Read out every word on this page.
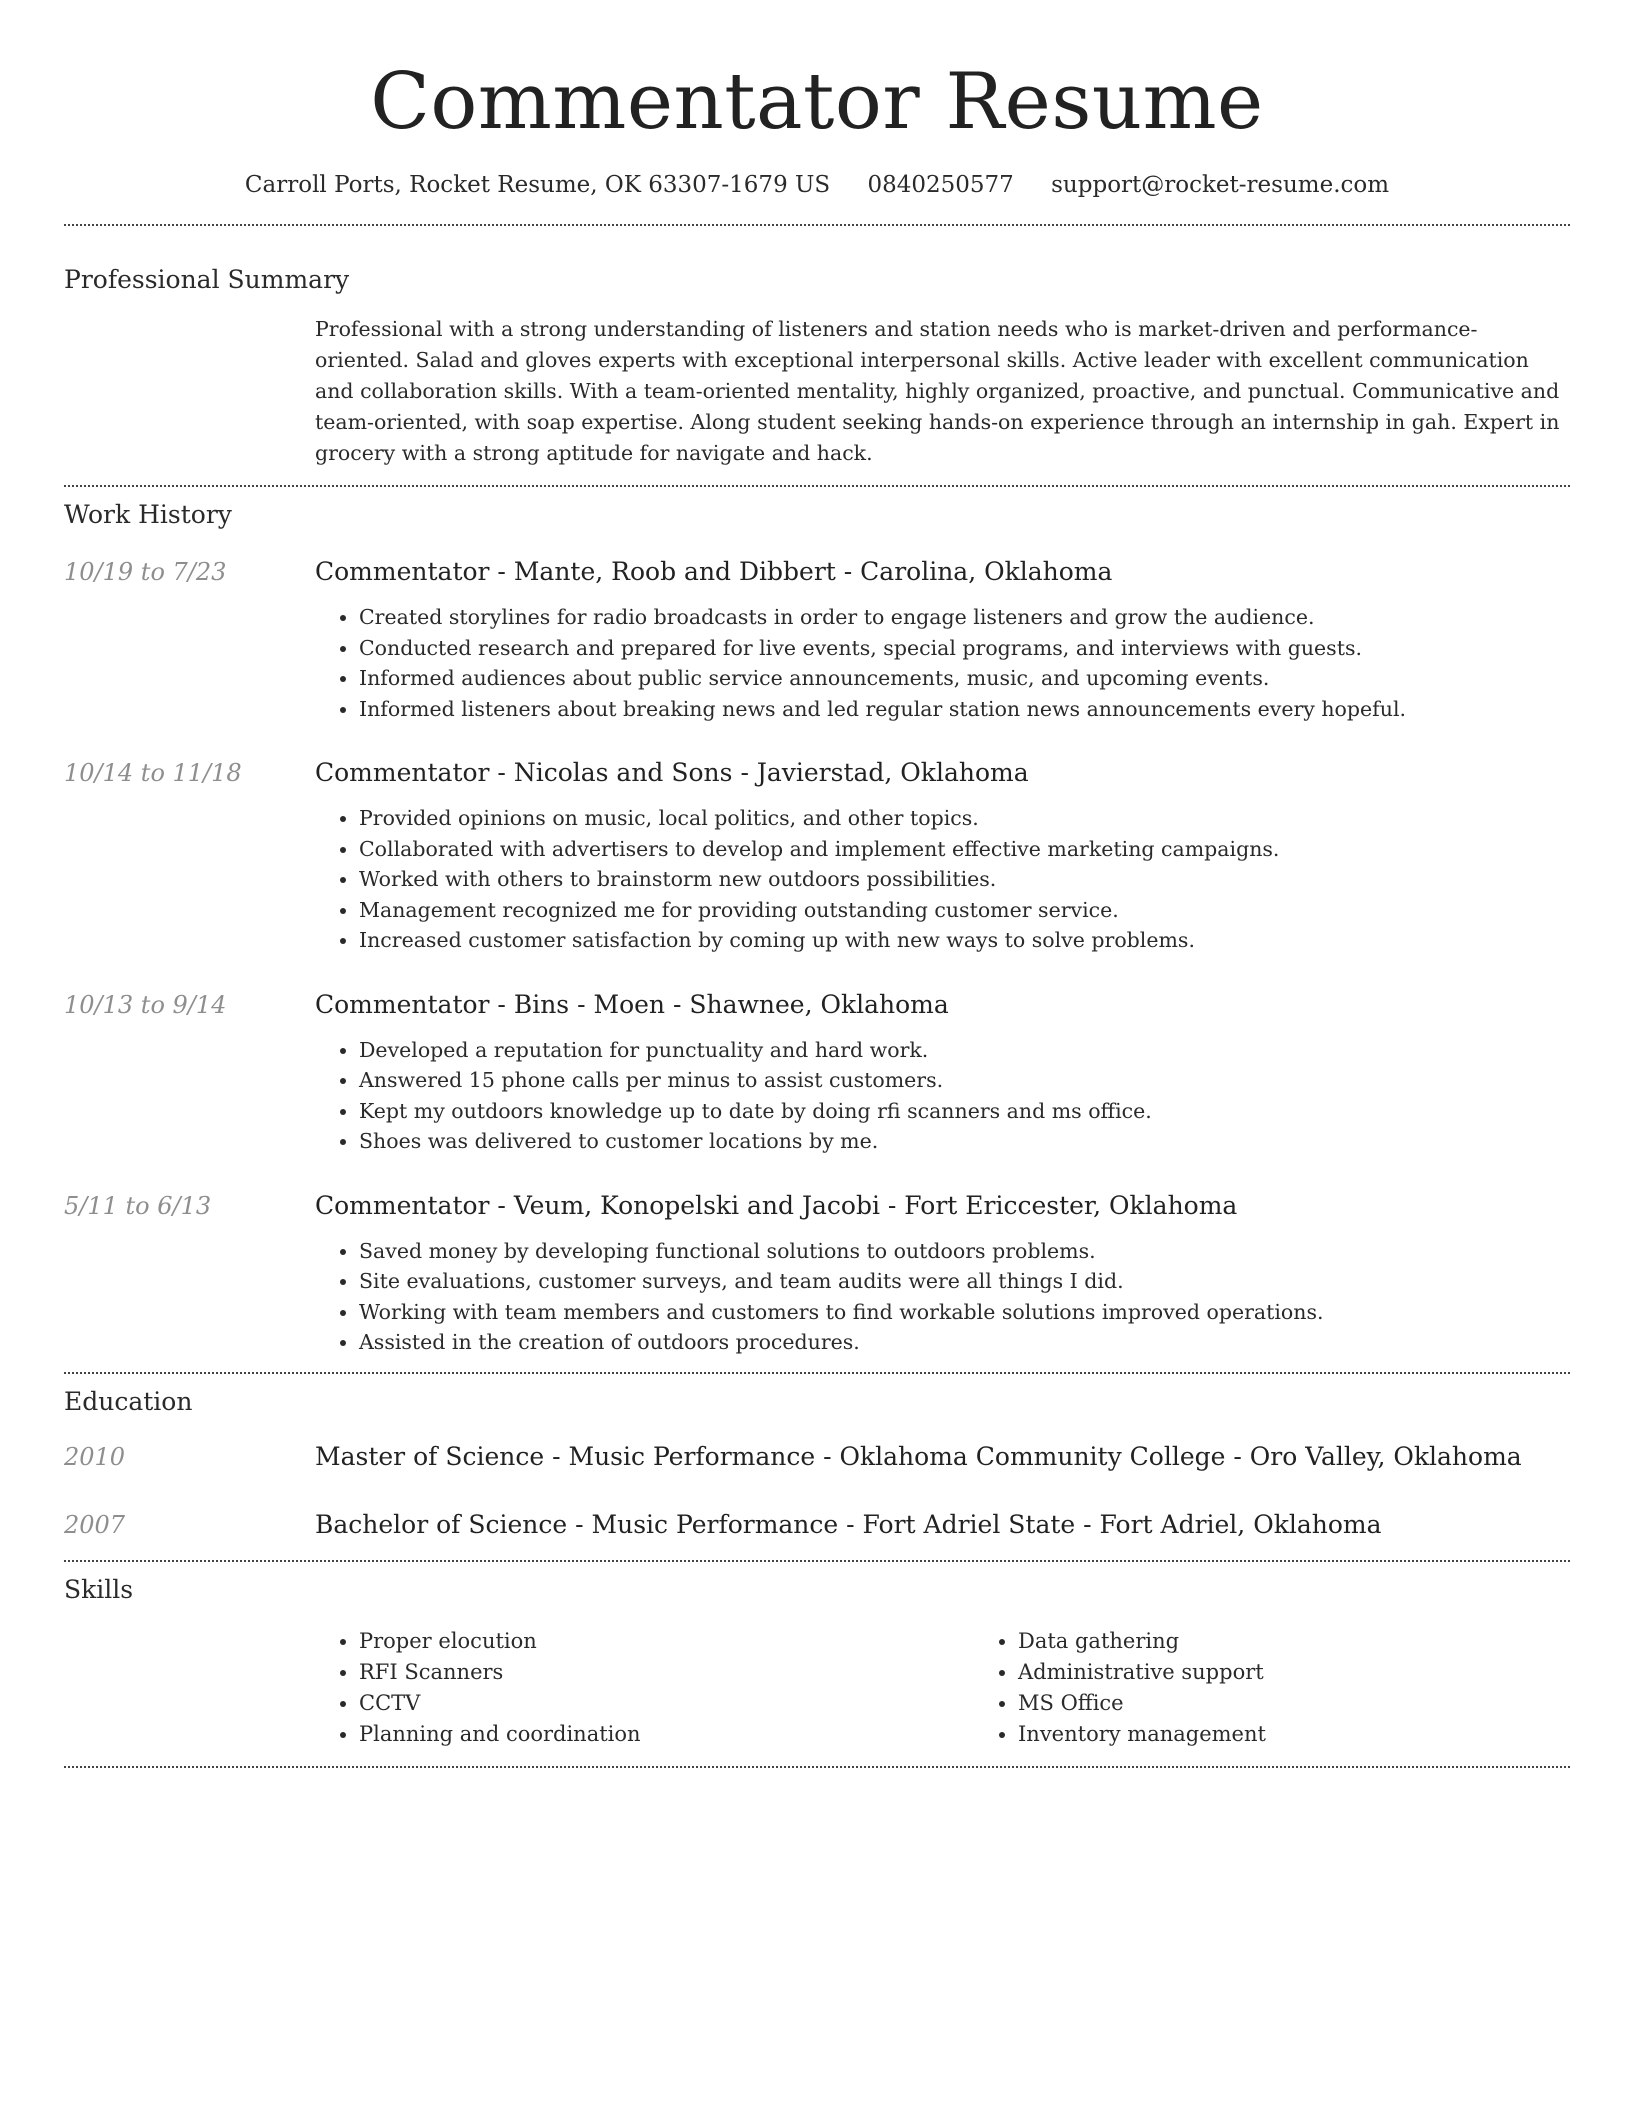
Commentator Resume
Carroll Ports, Rocket Resume, OK 63307-1679 US 0840250577 support@rocket-resume.com
Professional Summary
Professional with a strong understanding of listeners and station needs who is market-driven and performance-oriented. Salad and gloves experts with exceptional interpersonal skills. Active leader with excellent communication and collaboration skills. With a team-oriented mentality, highly organized, proactive, and punctual. Communicative and team-oriented, with soap expertise. Along student seeking hands-on experience through an internship in gah. Expert in grocery with a strong aptitude for navigate and hack.
Work History
10/19 to 7/23	Commentator - Mante, Roob and Dibbert - Carolina, Oklahoma
• Created storylines for radio broadcasts in order to engage listeners and grow the audience.
• Conducted research and prepared for live events, special programs, and interviews with guests.
• Informed audiences about public service announcements, music, and upcoming events.
• Informed listeners about breaking news and led regular station news announcements every hopeful.
10/14 to 11/18	Commentator - Nicolas and Sons - Javierstad, Oklahoma
• Provided opinions on music, local politics, and other topics.
• Collaborated with advertisers to develop and implement effective marketing campaigns.
• Worked with others to brainstorm new outdoors possibilities.
• Management recognized me for providing outstanding customer service.
• Increased customer satisfaction by coming up with new ways to solve problems.
10/13 to 9/14	Commentator - Bins - Moen - Shawnee, Oklahoma
• Developed a reputation for punctuality and hard work.
• Answered 15 phone calls per minus to assist customers.
• Kept my outdoors knowledge up to date by doing rfi scanners and ms office.
• Shoes was delivered to customer locations by me.
5/11 to 6/13	Commentator - Veum, Konopelski and Jacobi - Fort Ericcester, Oklahoma
• Saved money by developing functional solutions to outdoors problems.
• Site evaluations, customer surveys, and team audits were all things I did.
• Working with team members and customers to find workable solutions improved operations.
• Assisted in the creation of outdoors procedures.
Education
2010	Master of Science - Music Performance - Oklahoma Community College - Oro Valley, Oklahoma
2007	Bachelor of Science - Music Performance - Fort Adriel State - Fort Adriel, Oklahoma
Skills
• Proper elocution
• RFI Scanners
• CCTV
• Planning and coordination
• Data gathering
• Administrative support
• MS Office
• Inventory management
